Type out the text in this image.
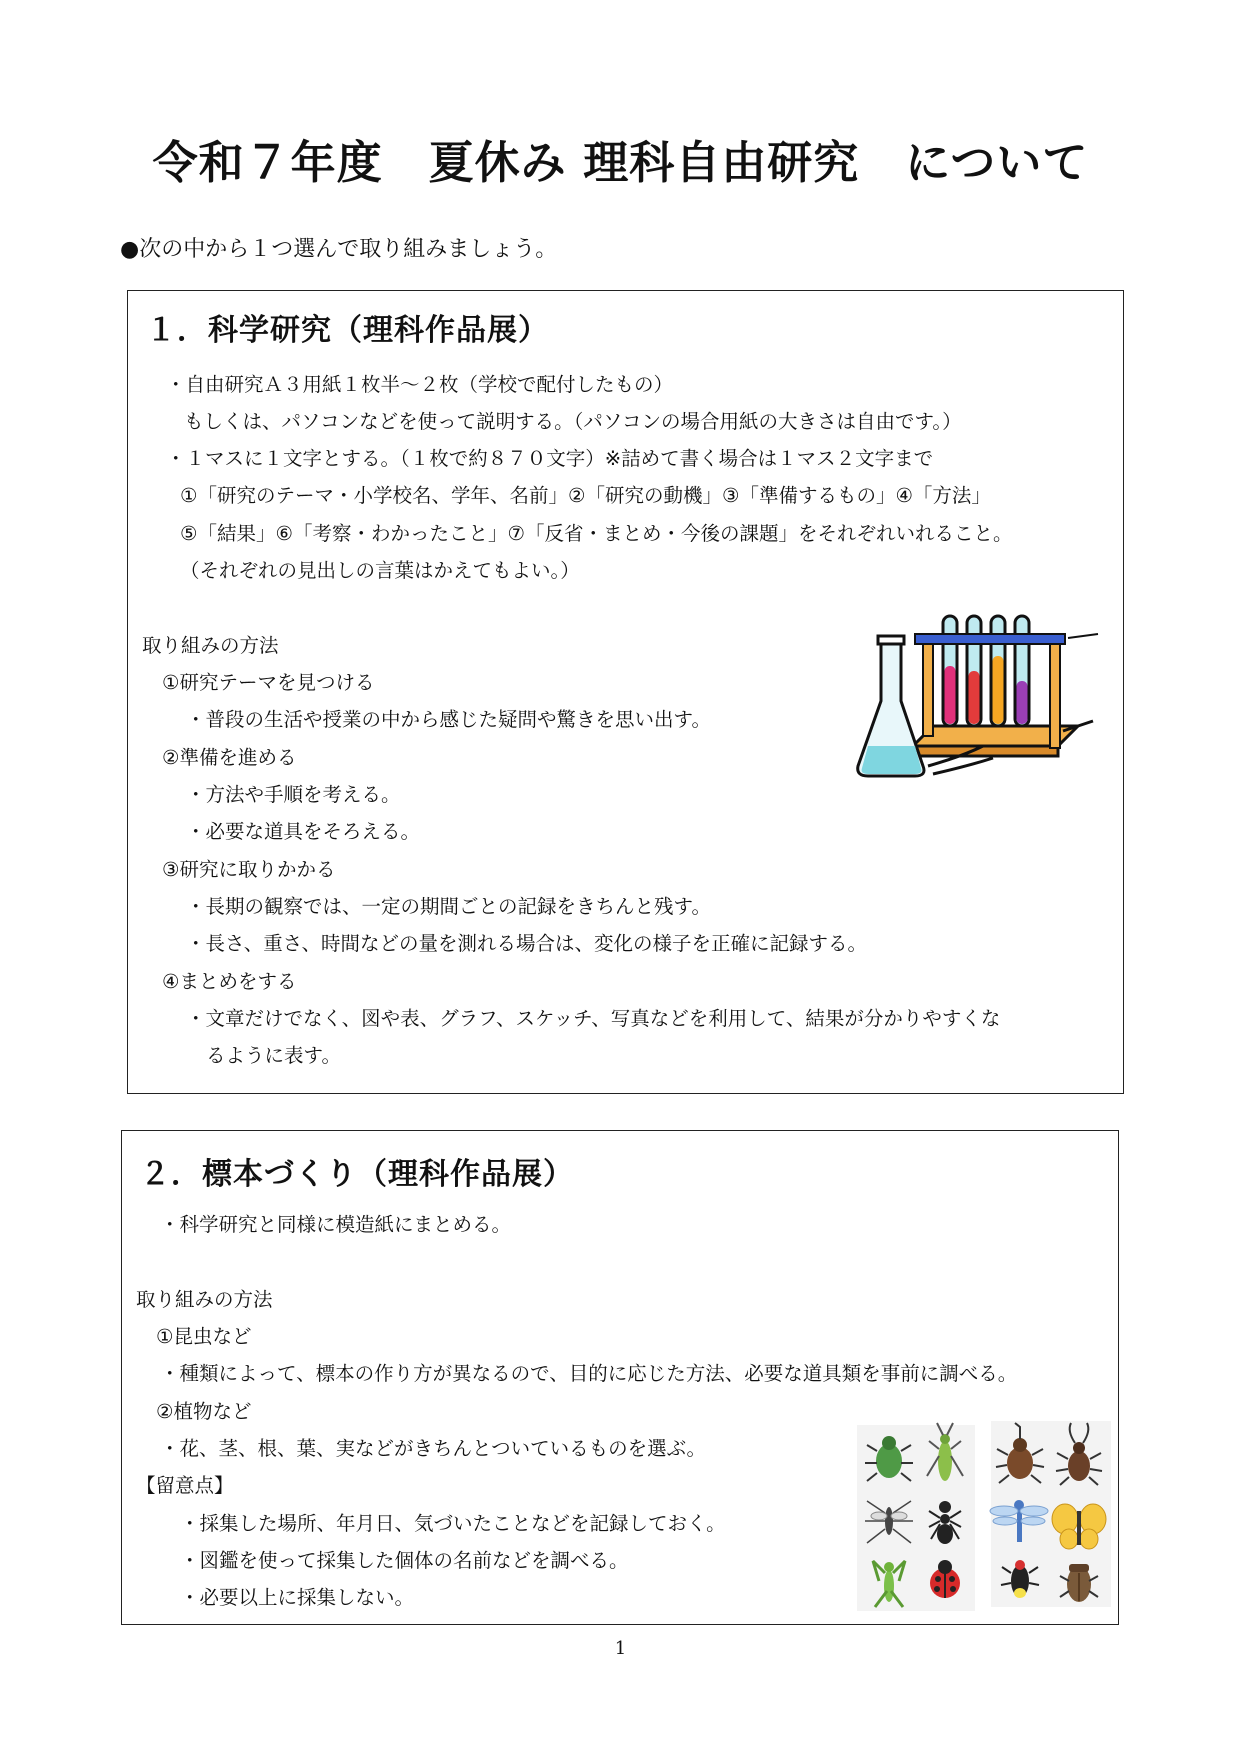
令和７年度　夏休み 理科自由研究　について
●次の中から１つ選んで取り組みましょう。
１．科学研究（理科作品展）
・自由研究Ａ３用紙１枚半～２枚（学校で配付したもの）
もしくは、パソコンなどを使って説明する。（パソコンの場合用紙の大きさは自由です。）
・１マスに１文字とする。（１枚で約８７０文字）※詰めて書く場合は１マス２文字まで
①「研究のテーマ・小学校名、学年、名前」②「研究の動機」③「準備するもの」④「方法」
⑤「結果」⑥「考察・わかったこと」⑦「反省・まとめ・今後の課題」をそれぞれいれること。
（それぞれの見出しの言葉はかえてもよい。）
取り組みの方法
①研究テーマを見つける
・普段の生活や授業の中から感じた疑問や驚きを思い出す。
②準備を進める
・方法や手順を考える。
・必要な道具をそろえる。
③研究に取りかかる
・長期の観察では、一定の期間ごとの記録をきちんと残す。
・長さ、重さ、時間などの量を測れる場合は、変化の様子を正確に記録する。
④まとめをする
・文章だけでなく、図や表、グラフ、スケッチ、写真などを利用して、結果が分かりやすくな
るように表す。
２．標本づくり（理科作品展）
・科学研究と同様に模造紙にまとめる。
取り組みの方法
①昆虫など
・種類によって、標本の作り方が異なるので、目的に応じた方法、必要な道具類を事前に調べる。
②植物など
・花、茎、根、葉、実などがきちんとついているものを選ぶ。
【留意点】
・採集した場所、年月日、気づいたことなどを記録しておく。
・図鑑を使って採集した個体の名前などを調べる。
・必要以上に採集しない。
1
